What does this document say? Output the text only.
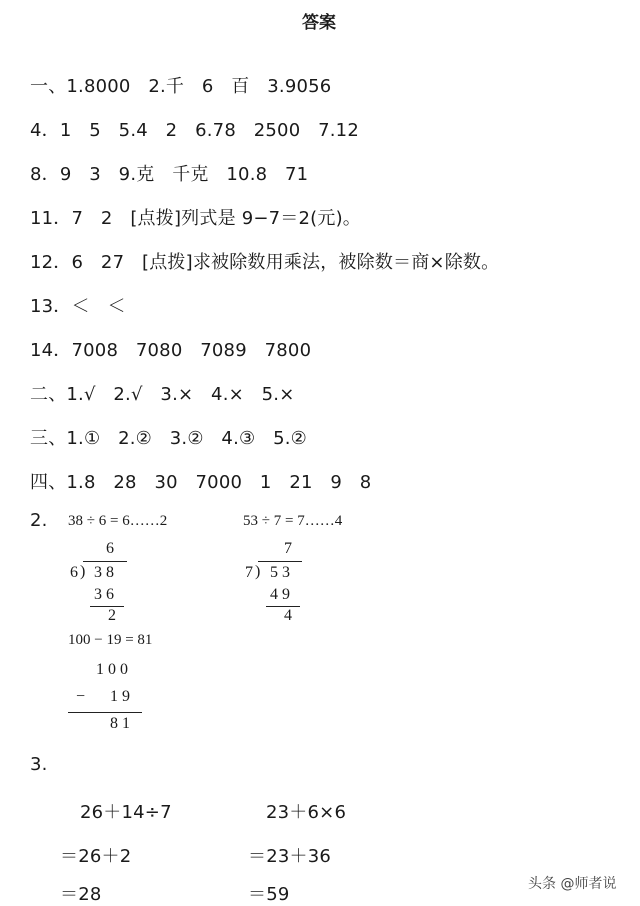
答案
一、1.8000   2.千   6   百   3.9056
4．1   5   5.4   2   6.78   2500   7.12
8．9   3   9.克   千克   10.8   71
11．7   2   [点拨]列式是 9−7＝2(元)。
12．6   27   [点拨]求被除数用乘法，被除数＝商×除数。
13．＜   ＜
14．7008   7080   7089   7800
二、1.√   2.√   3.×   4.×   5.×
三、1.①   2.②   3.②   4.③   5.②
四、1.8   28   30   7000   1   21   9   8
2. 38 ÷ 6 = 6……2
6
6 ) 3 8
3 6
2
53 ÷ 7 = 7……4
7
7 ) 5 3
4 9
4
100 − 19 = 81
1 0 0
− 1 9
8 1
3.
26＋14÷7
＝26＋2
＝28
23＋6×6
＝23＋36
＝59	头条 @师者说
